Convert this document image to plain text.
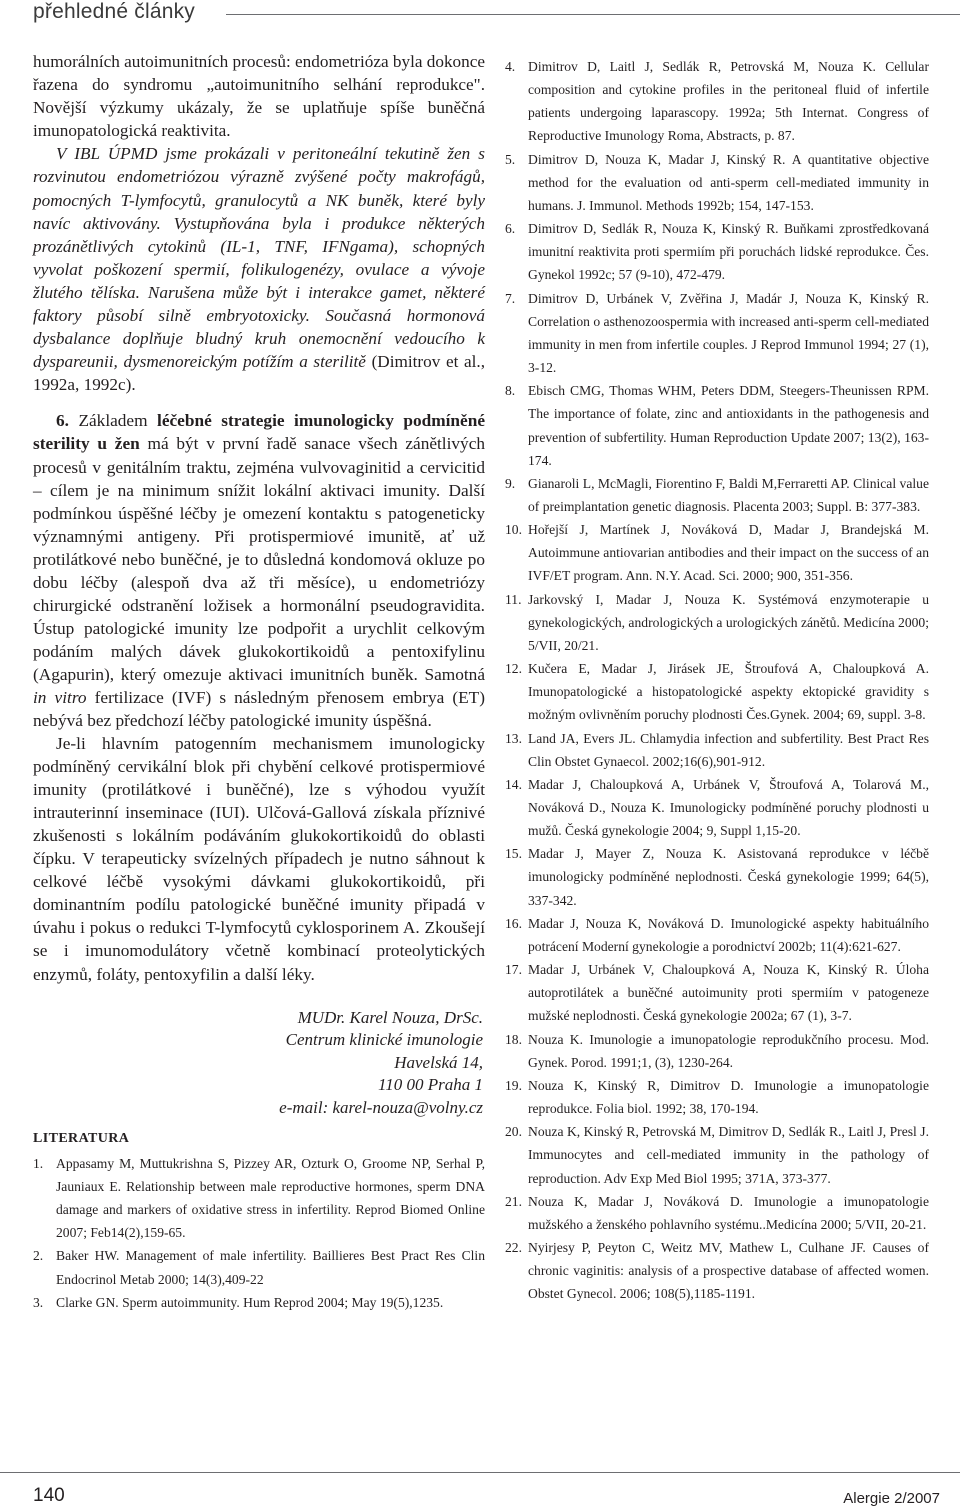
přehledné články

humorálních autoimunitních procesů: endometrióza byla dokonce řazena do syndromu „autoimunitního selhání reprodukce". Novější výzkumy ukázaly, že se uplatňuje spíše buněčná imunopatologická reaktivita.

V IBL ÚPMD jsme prokázali v peritoneální tekutině žen s rozvinutou endometriózou výrazně zvýšené počty makrofágů, pomocných T-lymfocytů, granulocytů a NK buněk, které byly navíc aktivovány. Vystupňována byla i produkce některých prozánětlivých cytokinů (IL-1, TNF, IFNgama), schopných vyvolat poškození spermií, folikulogenézy, ovulace a vývoje žlutého tělíska. Narušena může být i interakce gamet, některé faktory působí silně embryotoxicky. Současná hormonová dysbalance doplňuje bludný kruh onemocnění vedoucího k dyspareunii, dysmenoreickým potížím a sterilitě (Dimitrov et al., 1992a, 1992c).

6. Základem léčebné strategie imunologicky podmíněné sterility u žen má být v první řadě sanace všech zánětlivých procesů v genitálním traktu, zejména vulvovaginitid a cervicitid – cílem je na minimum snížit lokální aktivaci imunity. Další podmínkou úspěšné léčby je omezení kontaktu s patogeneticky významnými antigeny. Při protispermiové imunitě, ať už protilátkové nebo buněčné, je to důsledná kondomová okluze po dobu léčby (alespoň dva až tři měsíce), u endometriózy chirurgické odstranění ložisek a hormonální pseudogravidita. Ústup patologické imunity lze podpořit a urychlit celkovým podáním malých dávek glukokortikoidů a pentoxifylinu (Agapurin), který omezuje aktivaci imunitních buněk. Samotná in vitro fertilizace (IVF) s následným přenosem embrya (ET) nebývá bez předchozí léčby patologické imunity úspěšná.

Je-li hlavním patogenním mechanismem imunologicky podmíněný cervikální blok při chybění celkové protispermiové imunity (protilátkové i buněčné), lze s výhodou využít intrauterinní inseminace (IUI). Ulčová-Gallová získala příznivé zkušenosti s lokálním podáváním glukokortikoidů do oblasti čípku. V terapeuticky svízelných případech je nutno sáhnout k celkové léčbě vysokými dávkami glukokortikoidů, při dominantním podílu patologické buněčné imunity připadá v úvahu i pokus o redukci T-lymfocytů cyklosporinem A. Zkoušejí se i imunomodulátory včetně kombinací proteolytických enzymů, foláty, pentoxyfilin a další léky.

MUDr. Karel Nouza, DrSc.
Centrum klinické imunologie
Havelská 14,
110 00 Praha 1
e-mail: karel-nouza@volny.cz
LITERATURA
1. Appasamy M, Muttukrishna S, Pizzey AR, Ozturk O, Groome NP, Serhal P, Jauniaux E. Relationship between male reproductive hormones, sperm DNA damage and markers of oxidative stress in infertility. Reprod Biomed Online 2007; Feb14(2),159-65.
2. Baker HW. Management of male infertility. Baillieres Best Pract Res Clin Endocrinol Metab 2000; 14(3),409-22
3. Clarke GN. Sperm autoimmunity. Hum Reprod 2004; May 19(5),1235.
4. Dimitrov D, Laitl J, Sedlák R, Petrovská M, Nouza K. Cellular composition and cytokine profiles in the peritoneal fluid of infertile patients undergoing laparascopy. 1992a; 5th Internat. Congress of Reproductive Imunology Roma, Abstracts, p. 87.
5. Dimitrov D, Nouza K, Madar J, Kinský R. A quantitative objective method for the evaluation od anti-sperm cell-mediated immunity in humans. J. Immunol. Methods 1992b; 154, 147-153.
6. Dimitrov D, Sedlák R, Nouza K, Kinský R. Buňkami zprostředkovaná imunitní reaktivita proti spermiím při poruchách lidské reprodukce. Čes. Gynekol 1992c; 57 (9-10), 472-479.
7. Dimitrov D, Urbánek V, Zvěřina J, Madár J, Nouza K, Kinský R. Correlation o asthenozoospermia with increased anti-sperm cell-mediated immunity in men from infertile couples. J Reprod Immunol 1994; 27 (1), 3-12.
8. Ebisch CMG, Thomas WHM, Peters DDM, Steegers-Theunissen RPM. The importance of folate, zinc and antioxidants in the pathogenesis and prevention of subfertility. Human Reproduction Update 2007; 13(2), 163-174.
9. Gianaroli L, McMagli, Fiorentino F, Baldi M,Ferraretti AP. Clinical value of preimplantation genetic diagnosis. Placenta 2003; Suppl. B: 377-383.
10. Hořejší J, Martínek J, Nováková D, Madar J, Brandejská M. Autoimmune antiovarian antibodies and their impact on the success of an IVF/ET program. Ann. N.Y. Acad. Sci. 2000; 900, 351-356.
11. Jarkovský I, Madar J, Nouza K. Systémová enzymoterapie u gynekologických, andrologických a urologických zánětů. Medicína 2000; 5/VII, 20/21.
12. Kučera E, Madar J, Jirásek JE, Štroufová A, Chaloupková A. Imunopatologické a histopatologické aspekty ektopické gravidity s možným ovlivněním poruchy plodnosti Čes.Gynek. 2004; 69, suppl. 3-8.
13. Land JA, Evers JL. Chlamydia infection and subfertility. Best Pract Res Clin Obstet Gynaecol. 2002;16(6),901-912.
14. Madar J, Chaloupková A, Urbánek V, Štroufová A, Tolarová M., Nováková D., Nouza K. Imunologicky podmíněné poruchy plodnosti u mužů. Česká gynekologie 2004; 9, Suppl 1,15-20.
15. Madar J, Mayer Z, Nouza K. Asistovaná reprodukce v léčbě imunologicky podmíněné neplodnosti. Česká gynekologie 1999; 64(5), 337-342.
16. Madar J, Nouza K, Nováková D. Imunologické aspekty habituálního potrácení Moderní gynekologie a porodnictví 2002b; 11(4):621-627.
17. Madar J, Urbánek V, Chaloupková A, Nouza K, Kinský R. Úloha autoprotilátek a buněčné autoimunity proti spermiím v patogeneze mužské neplodnosti. Česká gynekologie 2002a; 67 (1), 3-7.
18. Nouza K. Imunologie a imunopatologie reprodukčního procesu. Mod. Gynek. Porod. 1991;1, (3), 1230-264.
19. Nouza K, Kinský R, Dimitrov D. Imunologie a imunopatologie reprodukce. Folia biol. 1992; 38, 170-194.
20. Nouza K, Kinský R, Petrovská M, Dimitrov D, Sedlák R., Laitl J, Presl J. Immunocytes and cell-mediated immunity in the pathology of reproduction. Adv Exp Med Biol 1995; 371A, 373-377.
21. Nouza K, Madar J, Nováková D. Imunologie a imunopatologie mužského a ženského pohlavního systému..Medicína 2000; 5/VII, 20-21.
22. Nyirjesy P, Peyton C, Weitz MV, Mathew L, Culhane JF. Causes of chronic vaginitis: analysis of a prospective database of affected women. Obstet Gynecol. 2006; 108(5),1185-1191.
140	Alergie 2/2007
